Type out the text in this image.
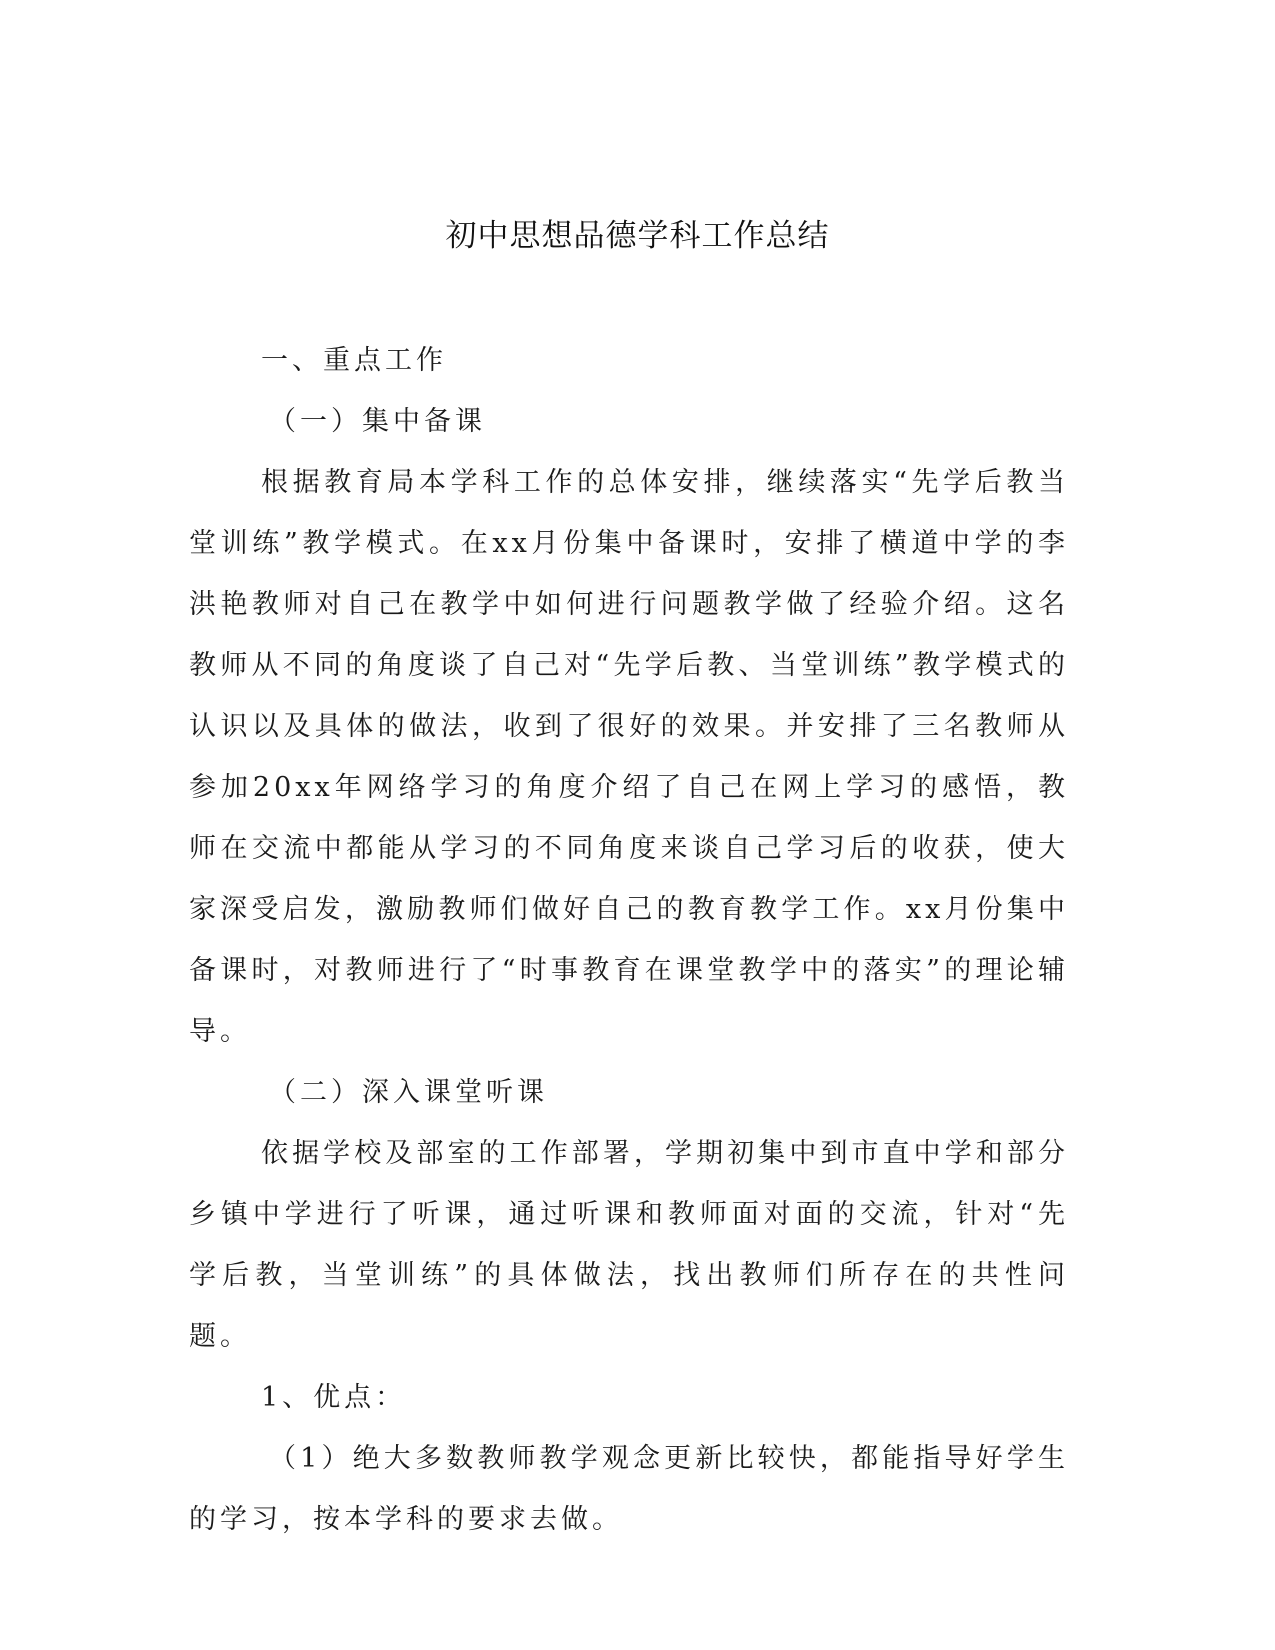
初中思想品德学科工作总结

一、重点工作

（一）集中备课

根据教育局本学科工作的总体安排，继续落实“先学后教当堂训练”教学模式。在xx月份集中备课时，安排了横道中学的李洪艳教师对自己在教学中如何进行问题教学做了经验介绍。这名教师从不同的角度谈了自己对“先学后教、当堂训练”教学模式的认识以及具体的做法，收到了很好的效果。并安排了三名教师从参加20xx年网络学习的角度介绍了自己在网上学习的感悟，教师在交流中都能从学习的不同角度来谈自己学习后的收获，使大家深受启发，激励教师们做好自己的教育教学工作。xx月份集中备课时，对教师进行了“时事教育在课堂教学中的落实”的理论辅导。

（二）深入课堂听课

依据学校及部室的工作部署，学期初集中到市直中学和部分乡镇中学进行了听课，通过听课和教师面对面的交流，针对“先学后教，当堂训练”的具体做法，找出教师们所存在的共性问题。

1、优点：

（1）绝大多数教师教学观念更新比较快，都能指导好学生的学习，按本学科的要求去做。
